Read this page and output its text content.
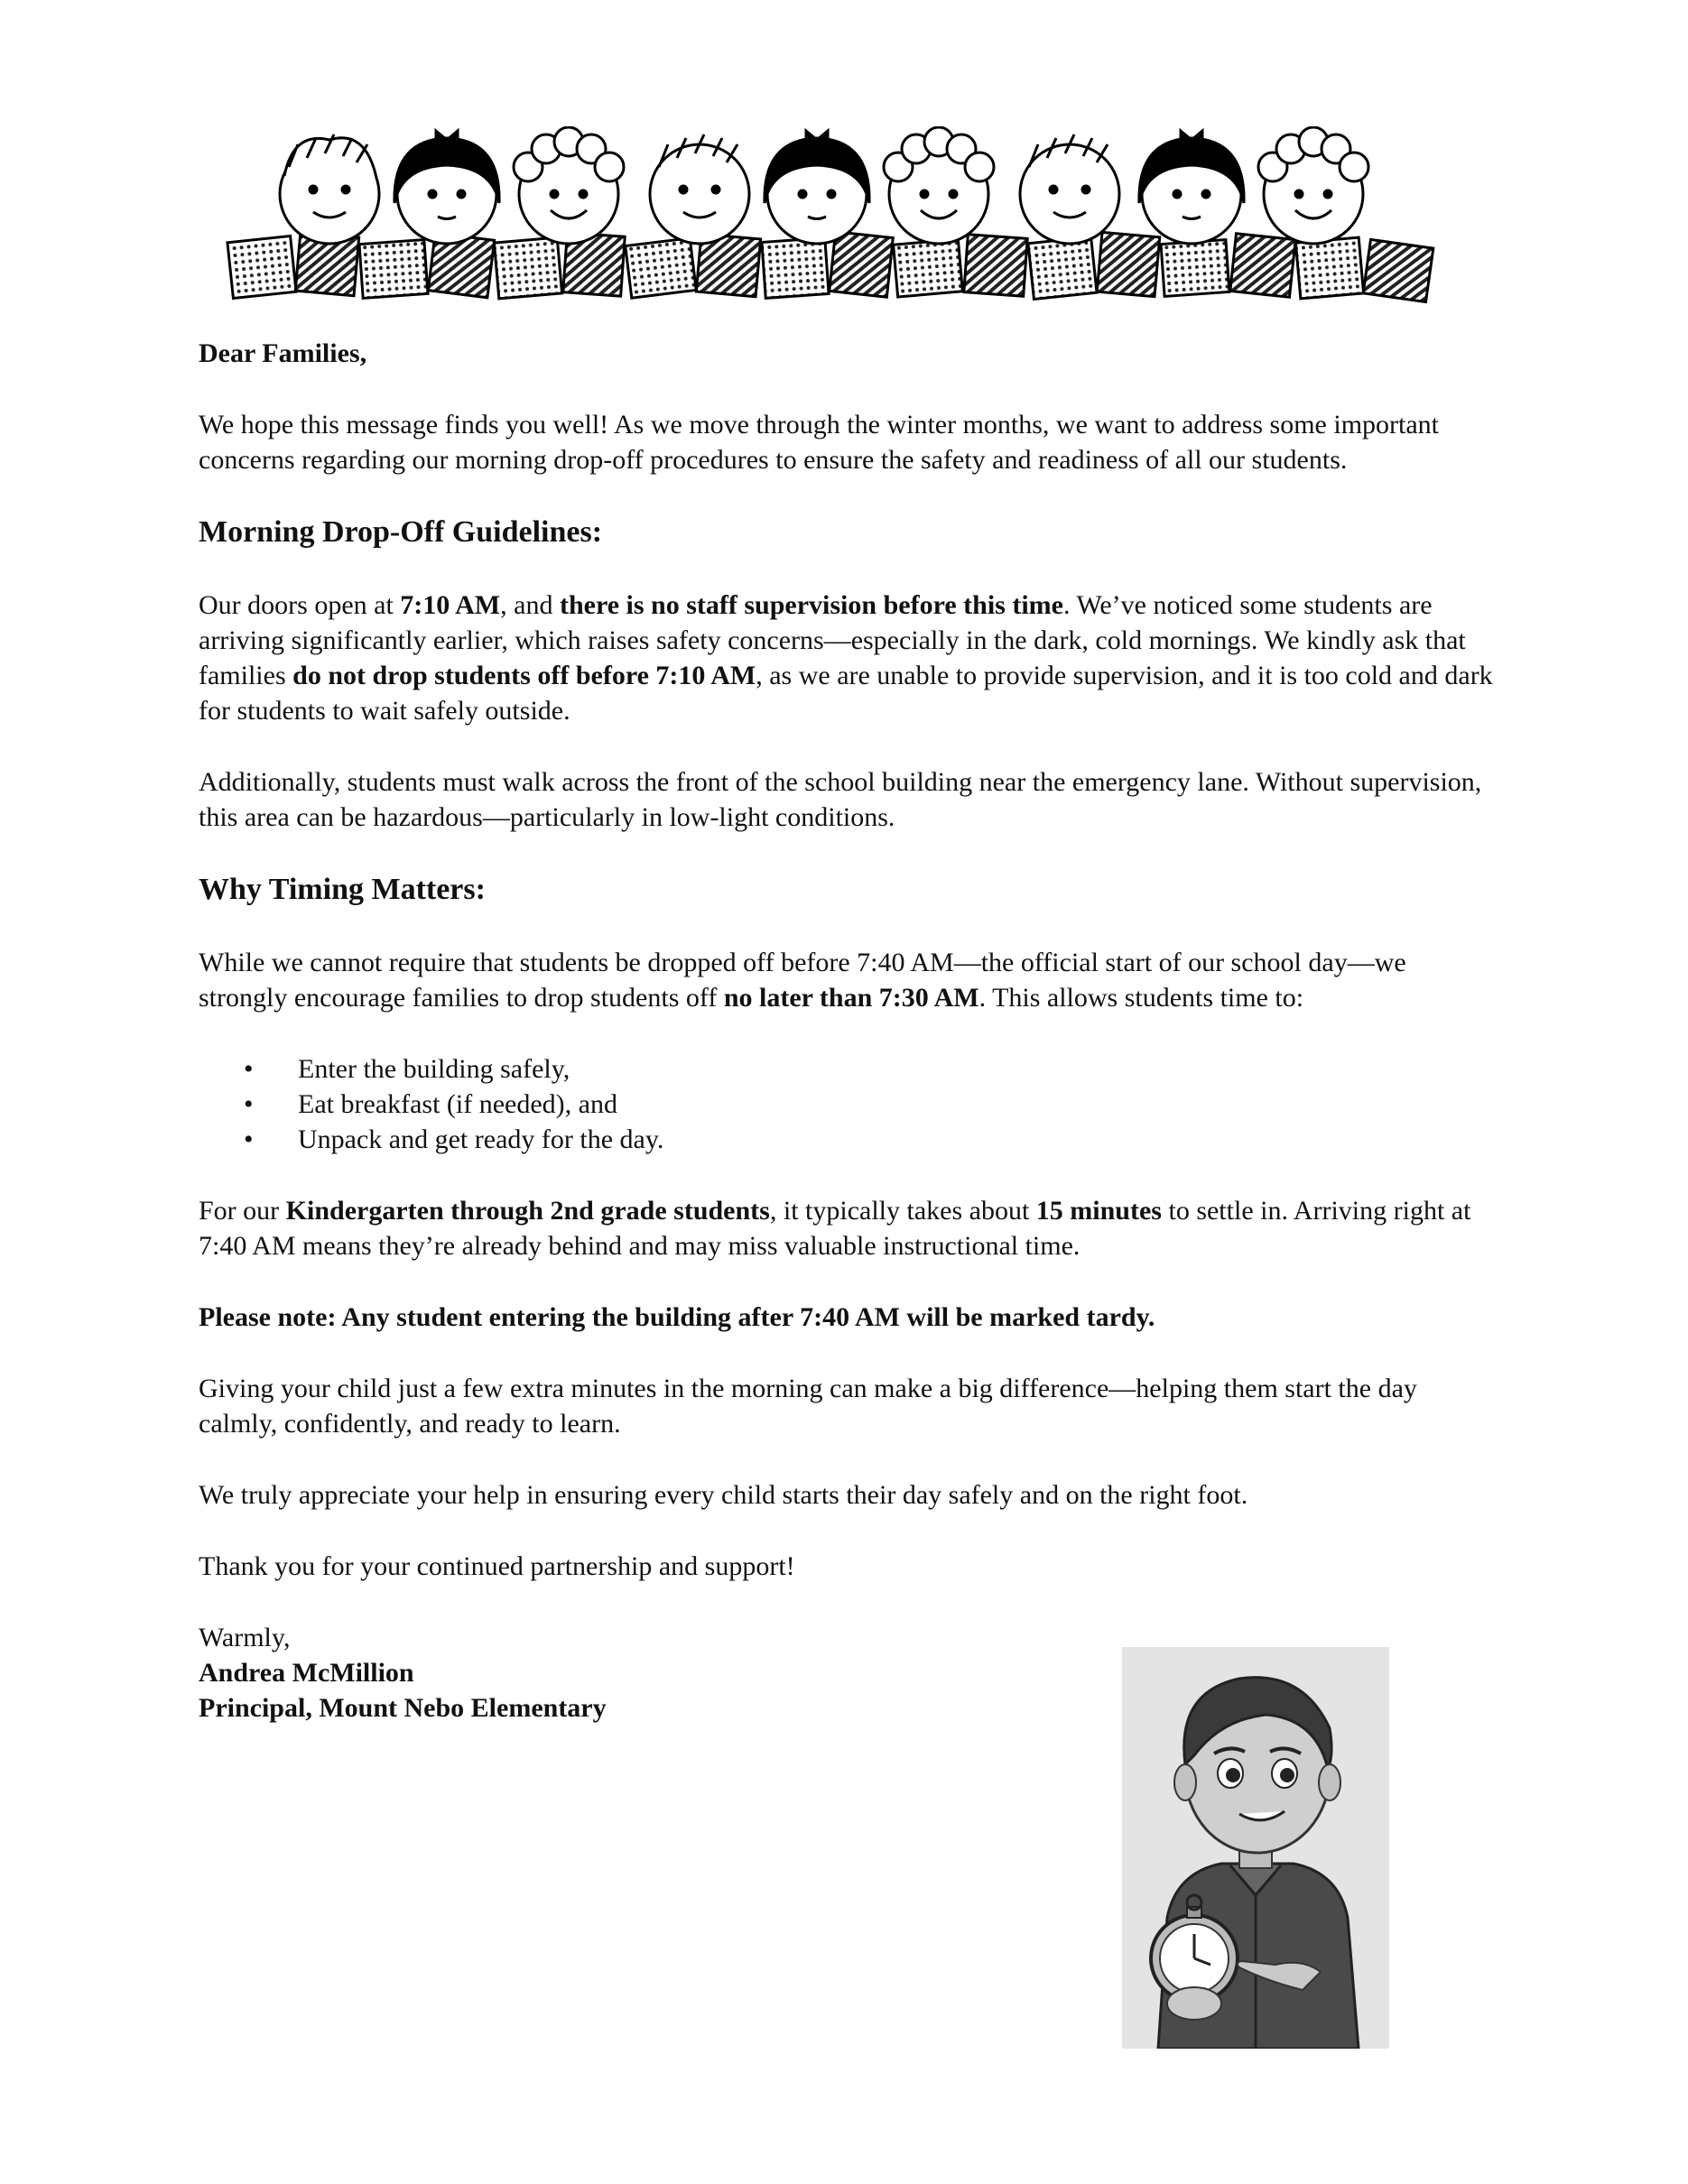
Dear Families,

We hope this message finds you well! As we move through the winter months, we want to address some important concerns regarding our morning drop-off procedures to ensure the safety and readiness of all our students.

Morning Drop-Off Guidelines:

Our doors open at 7:10 AM, and there is no staff supervision before this time. We’ve noticed some students are arriving significantly earlier, which raises safety concerns—especially in the dark, cold mornings. We kindly ask that families do not drop students off before 7:10 AM, as we are unable to provide supervision, and it is too cold and dark for students to wait safely outside.

Additionally, students must walk across the front of the school building near the emergency lane. Without supervision, this area can be hazardous—particularly in low-light conditions.

Why Timing Matters:

While we cannot require that students be dropped off before 7:40 AM—the official start of our school day—we strongly encourage families to drop students off no later than 7:30 AM. This allows students time to:

• Enter the building safely,
• Eat breakfast (if needed), and
• Unpack and get ready for the day.

For our Kindergarten through 2nd grade students, it typically takes about 15 minutes to settle in. Arriving right at 7:40 AM means they’re already behind and may miss valuable instructional time.

Please note: Any student entering the building after 7:40 AM will be marked tardy.

Giving your child just a few extra minutes in the morning can make a big difference—helping them start the day calmly, confidently, and ready to learn.

We truly appreciate your help in ensuring every child starts their day safely and on the right foot.

Thank you for your continued partnership and support!

Warmly,

Andrea McMillion

Principal, Mount Nebo Elementary
